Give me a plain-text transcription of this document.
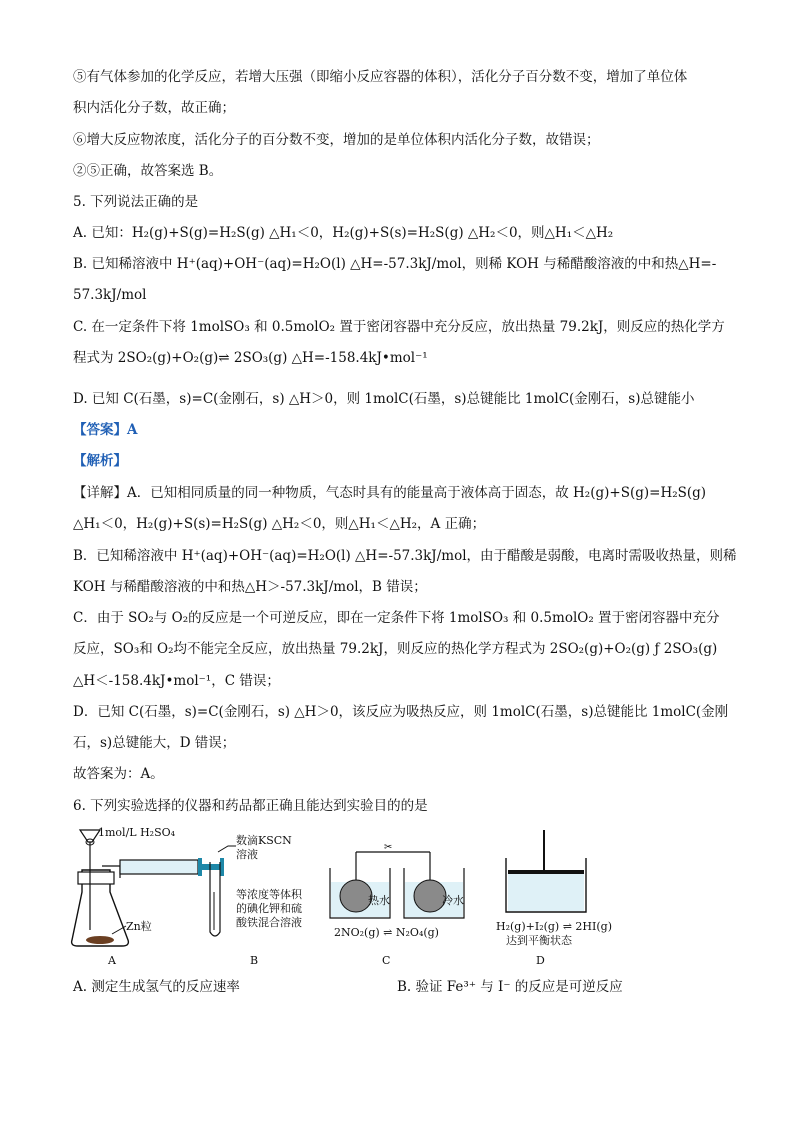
⑤有气体参加的化学反应，若增大压强（即缩小反应容器的体积），活化分子百分数不变，增加了单位体
积内活化分子数，故正确；
⑥增大反应物浓度，活化分子的百分数不变，增加的是单位体积内活化分子数，故错误；
②⑤正确，故答案选 B。
5. 下列说法正确的是
A. 已知：H₂(g)+S(g)=H₂S(g) △H₁＜0，H₂(g)+S(s)=H₂S(g) △H₂＜0，则△H₁＜△H₂
B. 已知稀溶液中 H⁺(aq)+OH⁻(aq)=H₂O(l) △H=-57.3kJ/mol，则稀 KOH 与稀醋酸溶液的中和热△H=-
57.3kJ/mol
C. 在一定条件下将 1molSO₃ 和 0.5molO₂ 置于密闭容器中充分反应，放出热量 79.2kJ，则反应的热化学方
程式为 2SO₂(g)+O₂(g)⇌ 2SO₃(g) △H=-158.4kJ•mol⁻¹
D. 已知 C(石墨，s)=C(金刚石，s) △H＞0，则 1molC(石墨，s)总键能比 1molC(金刚石，s)总键能小
【答案】A
【解析】
【详解】A．已知相同质量的同一种物质，气态时具有的能量高于液体高于固态，故 H₂(g)+S(g)=H₂S(g)
△H₁＜0，H₂(g)+S(s)=H₂S(g) △H₂＜0，则△H₁＜△H₂，A 正确；
B．已知稀溶液中 H⁺(aq)+OH⁻(aq)=H₂O(l) △H=-57.3kJ/mol，由于醋酸是弱酸，电离时需吸收热量，则稀
KOH 与稀醋酸溶液的中和热△H＞-57.3kJ/mol，B 错误；
C．由于 SO₂与 O₂的反应是一个可逆反应，即在一定条件下将 1molSO₃ 和 0.5molO₂ 置于密闭容器中充分
反应，SO₃和 O₂均不能完全反应，放出热量 79.2kJ，则反应的热化学方程式为 2SO₂(g)+O₂(g) ƒ 2SO₃(g)
△H＜-158.4kJ•mol⁻¹，C 错误；
D．已知 C(石墨，s)=C(金刚石，s) △H＞0，该反应为吸热反应，则 1molC(石墨，s)总键能比 1molC(金刚
石，s)总键能大，D 错误；
故答案为：A。
6. 下列实验选择的仪器和药品都正确且能达到实验目的的是
1mol/L H₂SO₄
Zn粒
A
数滴KSCN
溶液
等浓度等体积
的碘化钾和硫
酸铁混合溶液
B
✂
热水	冷水
2NO₂(g) ⇌ N₂O₄(g)
C
H₂(g)+I₂(g) ⇌ 2HI(g)
达到平衡状态
D
A. 测定生成氢气的反应速率	B. 验证 Fe³⁺ 与 I⁻ 的反应是可逆反应
